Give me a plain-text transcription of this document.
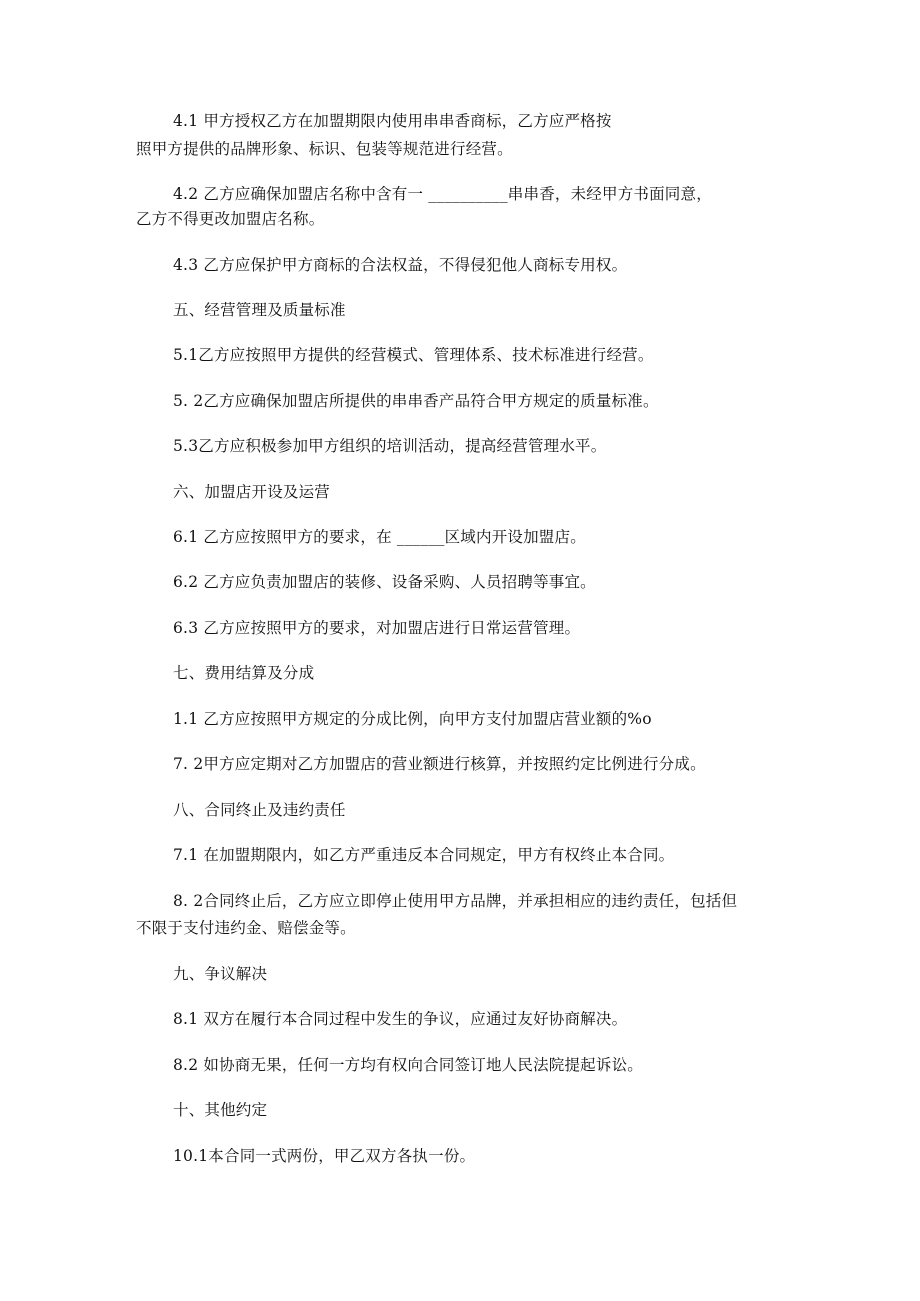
4.1 甲方授权乙方在加盟期限内使用串串香商标，乙方应严格按
照甲方提供的品牌形象、标识、包装等规范进行经营。
4.2 乙方应确保加盟店名称中含有一 __________串串香，未经甲方书面同意，
乙方不得更改加盟店名称。
4.3 乙方应保护甲方商标的合法权益，不得侵犯他人商标专用权。
五、经营管理及质量标准
5.1乙方应按照甲方提供的经营模式、管理体系、技术标准进行经营。
5. 2乙方应确保加盟店所提供的串串香产品符合甲方规定的质量标准。
5.3乙方应积极参加甲方组织的培训活动，提高经营管理水平。
六、加盟店开设及运营
6.1 乙方应按照甲方的要求，在 ______区域内开设加盟店。
6.2 乙方应负责加盟店的装修、设备采购、人员招聘等事宜。
6.3 乙方应按照甲方的要求，对加盟店进行日常运营管理。
七、费用结算及分成
1.1 乙方应按照甲方规定的分成比例，向甲方支付加盟店营业额的%o
7. 2甲方应定期对乙方加盟店的营业额进行核算，并按照约定比例进行分成。
八、合同终止及违约责任
7.1 在加盟期限内，如乙方严重违反本合同规定，甲方有权终止本合同。
8. 2合同终止后，乙方应立即停止使用甲方品牌，并承担相应的违约责任，包括但
不限于支付违约金、赔偿金等。
九、争议解决
8.1 双方在履行本合同过程中发生的争议，应通过友好协商解决。
8.2 如协商无果，任何一方均有权向合同签订地人民法院提起诉讼。
十、其他约定
10.1本合同一式两份，甲乙双方各执一份。
